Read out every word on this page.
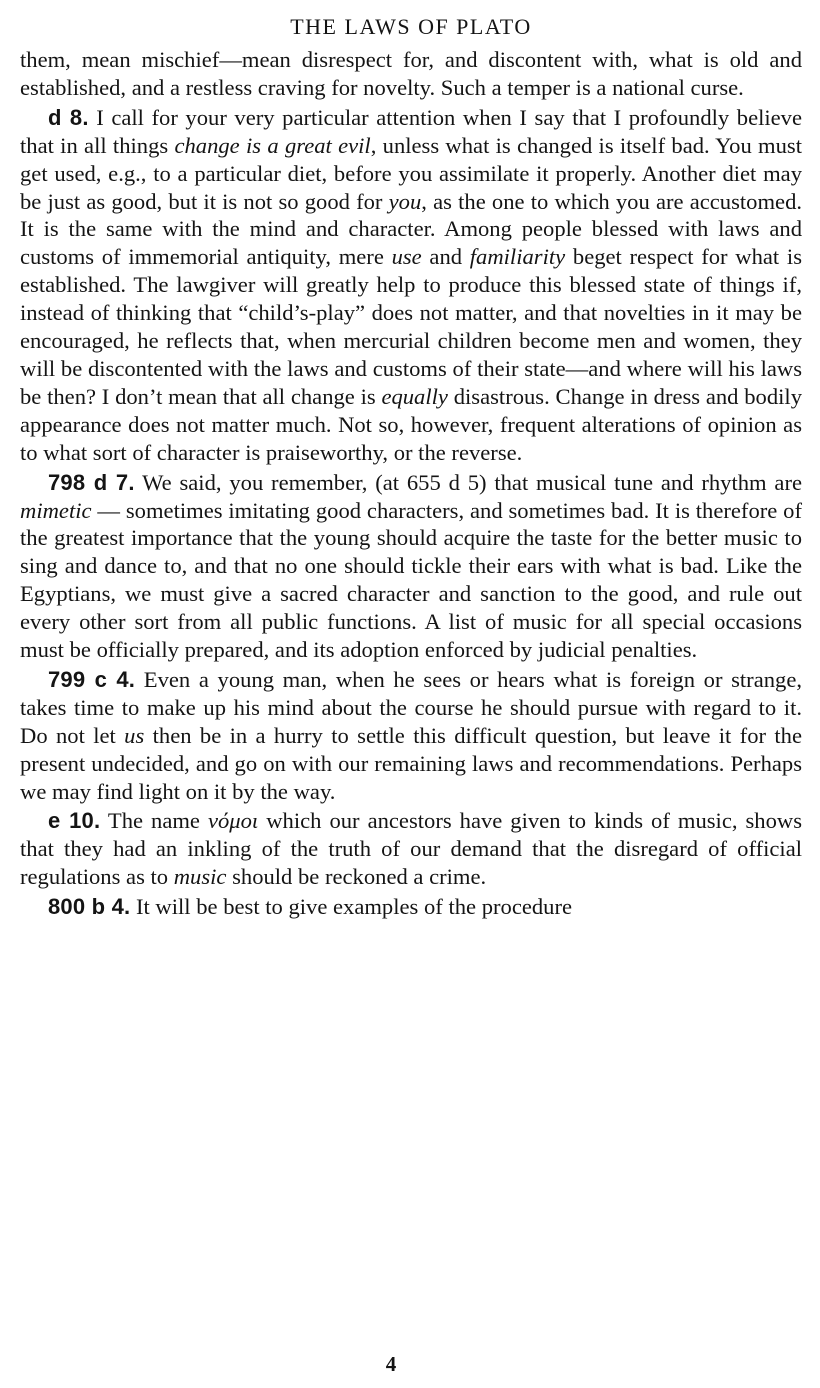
THE LAWS OF PLATO

them, mean mischief—mean disrespect for, and discontent with, what is old and established, and a restless craving for novelty. Such a temper is a national curse.

d 8. I call for your very particular attention when I say that I profoundly believe that in all things change is a great evil, unless what is changed is itself bad. You must get used, e.g., to a particular diet, before you assimilate it properly. Another diet may be just as good, but it is not so good for you, as the one to which you are accustomed. It is the same with the mind and character. Among people blessed with laws and customs of immemorial antiquity, mere use and familiarity beget respect for what is established. The lawgiver will greatly help to produce this blessed state of things if, instead of thinking that “child’s-play” does not matter, and that novelties in it may be encouraged, he reflects that, when mercurial children become men and women, they will be discontented with the laws and customs of their state—and where will his laws be then? I don’t mean that all change is equally disastrous. Change in dress and bodily appearance does not matter much. Not so, however, frequent alterations of opinion as to what sort of character is praiseworthy, or the reverse.

798 d 7. We said, you remember, (at 655 d 5) that musical tune and rhythm are mimetic — sometimes imitating good characters, and sometimes bad. It is therefore of the greatest importance that the young should acquire the taste for the better music to sing and dance to, and that no one should tickle their ears with what is bad. Like the Egyptians, we must give a sacred character and sanction to the good, and rule out every other sort from all public functions. A list of music for all special occasions must be officially prepared, and its adoption enforced by judicial penalties.

799 c 4. Even a young man, when he sees or hears what is foreign or strange, takes time to make up his mind about the course he should pursue with regard to it. Do not let us then be in a hurry to settle this difficult question, but leave it for the present undecided, and go on with our remaining laws and recommendations. Perhaps we may find light on it by the way.

e 10. The name νόμοι which our ancestors have given to kinds of music, shows that they had an inkling of the truth of our demand that the disregard of official regulations as to music should be reckoned a crime.

800 b 4. It will be best to give examples of the procedure

4
